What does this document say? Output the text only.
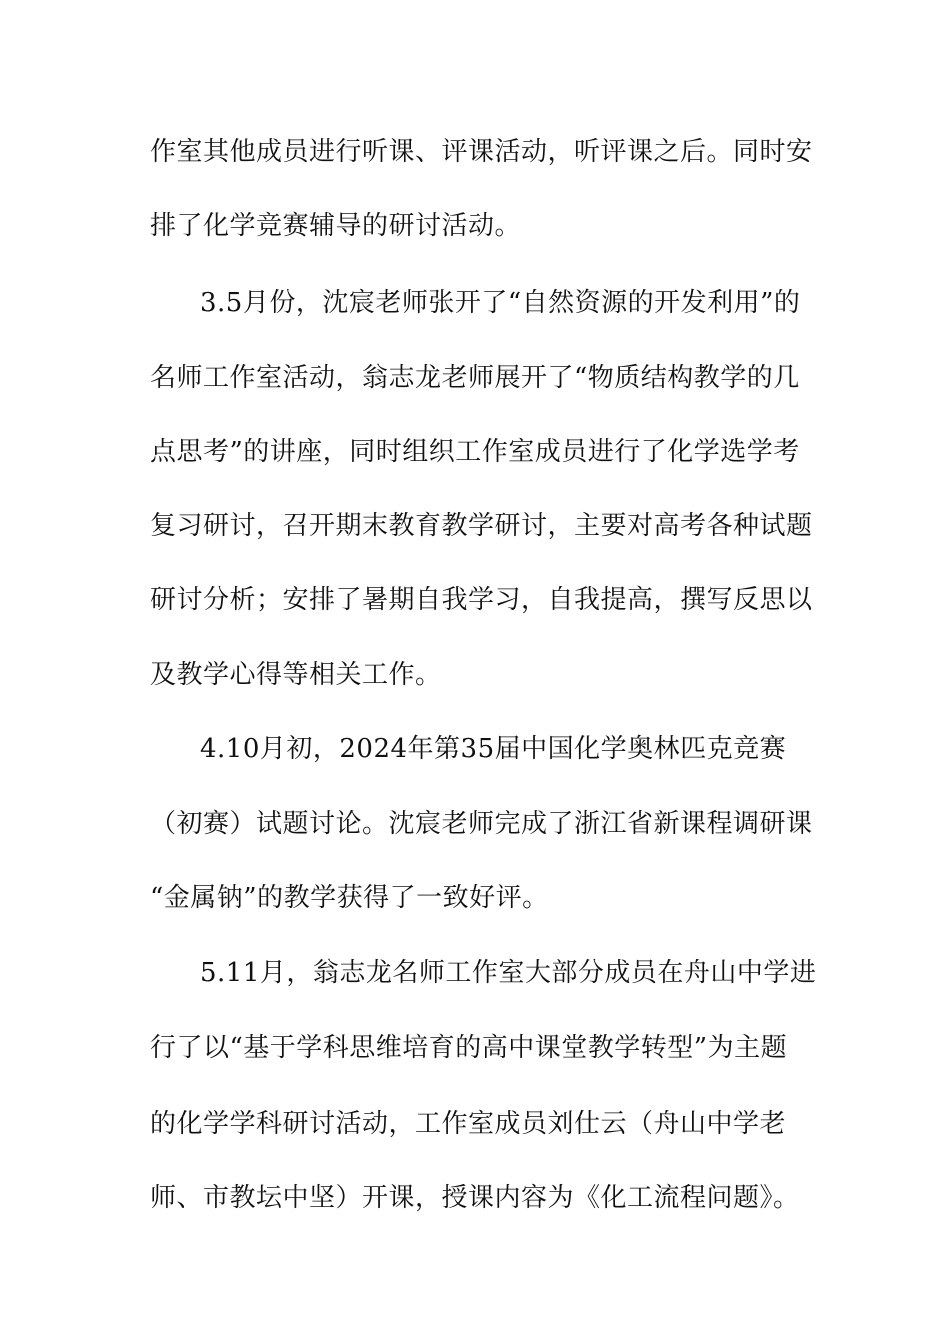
作室其他成员进行听课、评课活动，听评课之后。同时安
排了化学竞赛辅导的研讨活动。
3.5月份，沈宸老师张开了“自然资源的开发利用”的
名师工作室活动，翁志龙老师展开了“物质结构教学的几
点思考”的讲座，同时组织工作室成员进行了化学选学考
复习研讨，召开期末教育教学研讨，主要对高考各种试题
研讨分析；安排了暑期自我学习，自我提高，撰写反思以
及教学心得等相关工作。
4.10月初，2024年第35届中国化学奥林匹克竞赛
（初赛）试题讨论。沈宸老师完成了浙江省新课程调研课
“金属钠”的教学获得了一致好评。
5.11月，翁志龙名师工作室大部分成员在舟山中学进
行了以“基于学科思维培育的高中课堂教学转型”为主题
的化学学科研讨活动，工作室成员刘仕云（舟山中学老
师、市教坛中坚）开课，授课内容为《化工流程问题》。
